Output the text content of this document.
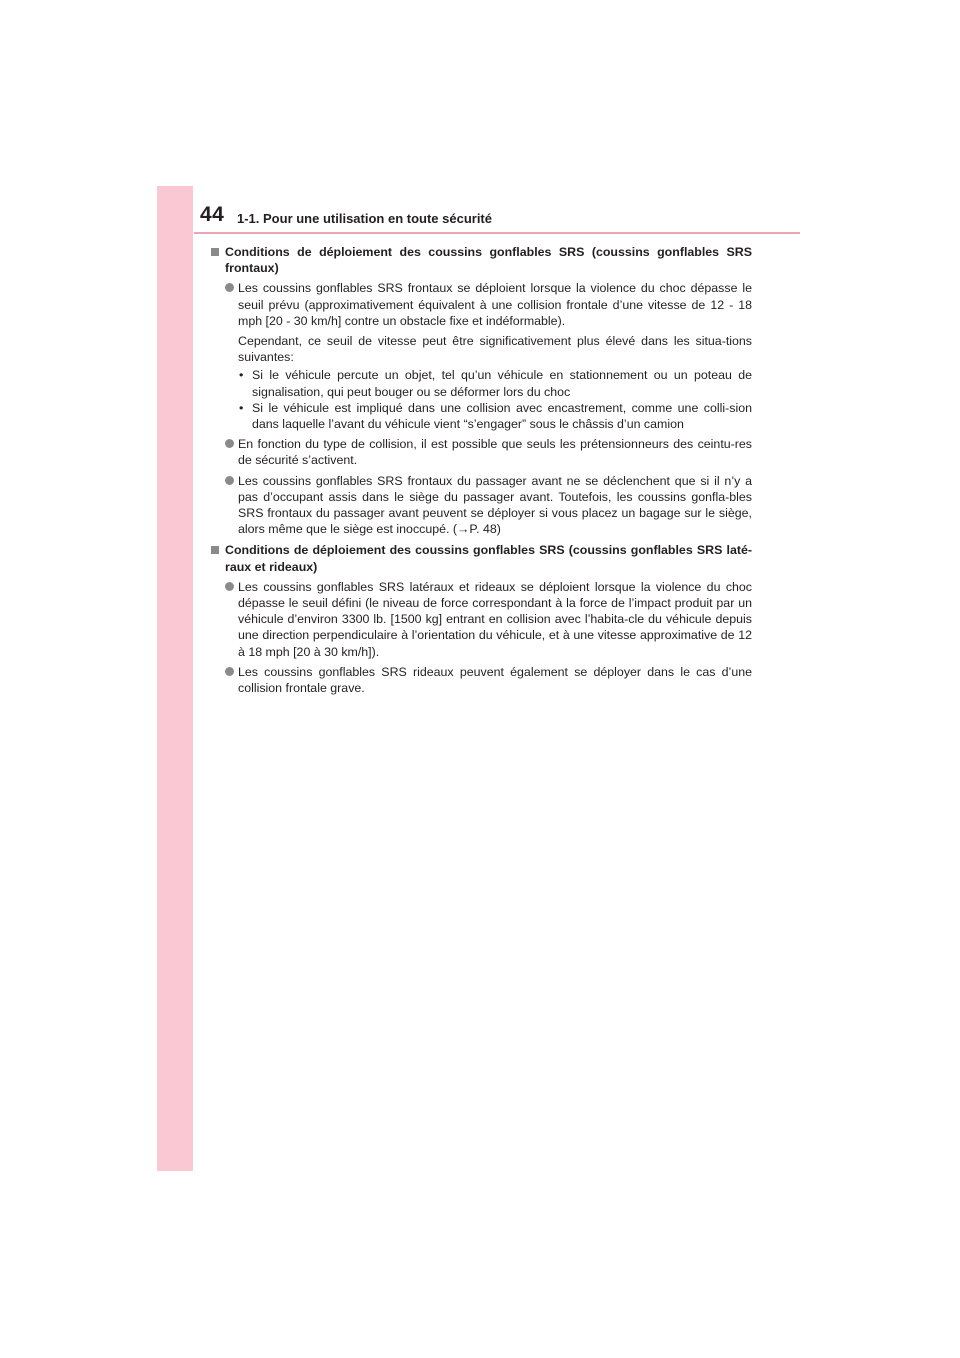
44 1-1. Pour une utilisation en toute sécurité
Conditions de déploiement des coussins gonflables SRS (coussins gonflables SRS frontaux)
Les coussins gonflables SRS frontaux se déploient lorsque la violence du choc dépasse le seuil prévu (approximativement équivalent à une collision frontale d’une vitesse de 12 - 18 mph [20 - 30 km/h] contre un obstacle fixe et indéformable).
Cependant, ce seuil de vitesse peut être significativement plus élevé dans les situa-tions suivantes:
• Si le véhicule percute un objet, tel qu’un véhicule en stationnement ou un poteau de signalisation, qui peut bouger ou se déformer lors du choc
• Si le véhicule est impliqué dans une collision avec encastrement, comme une colli-sion dans laquelle l’avant du véhicule vient “s’engager” sous le châssis d’un camion
En fonction du type de collision, il est possible que seuls les prétensionneurs des ceintu-res de sécurité s’activent.
Les coussins gonflables SRS frontaux du passager avant ne se déclenchent que si il n’y a pas d’occupant assis dans le siège du passager avant. Toutefois, les coussins gonfla-bles SRS frontaux du passager avant peuvent se déployer si vous placez un bagage sur le siège, alors même que le siège est inoccupé. (→P. 48)
Conditions de déploiement des coussins gonflables SRS (coussins gonflables SRS laté-raux et rideaux)
Les coussins gonflables SRS latéraux et rideaux se déploient lorsque la violence du choc dépasse le seuil défini (le niveau de force correspondant à la force de l’impact produit par un véhicule d’environ 3300 lb. [1500 kg] entrant en collision avec l’habita-cle du véhicule depuis une direction perpendiculaire à l’orientation du véhicule, et à une vitesse approximative de 12 à 18 mph [20 à 30 km/h]).
Les coussins gonflables SRS rideaux peuvent également se déployer dans le cas d’une collision frontale grave.
